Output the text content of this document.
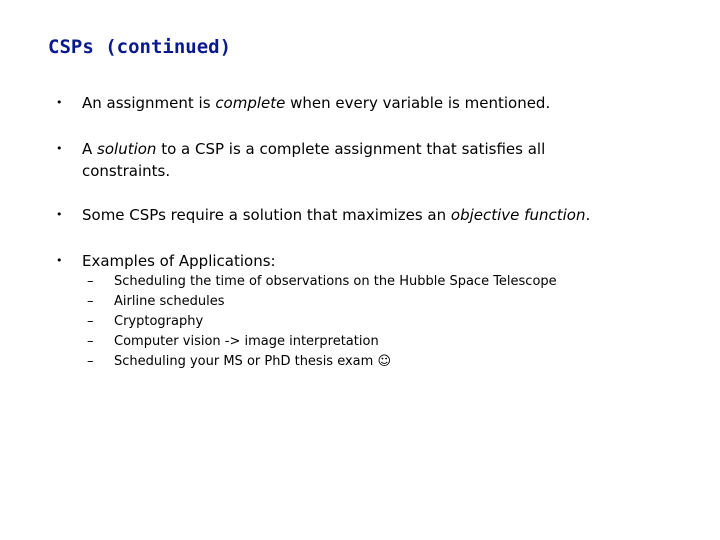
CSPs (continued)
•	An assignment is complete when every variable is mentioned.
•	A solution to a CSP is a complete assignment that satisfies all constraints.
•	Some CSPs require a solution that maximizes an objective function.
•	Examples of Applications:
– Scheduling the time of observations on the Hubble Space Telescope
– Airline schedules
– Cryptography
– Computer vision -> image interpretation
– Scheduling your MS or PhD thesis exam ☺
